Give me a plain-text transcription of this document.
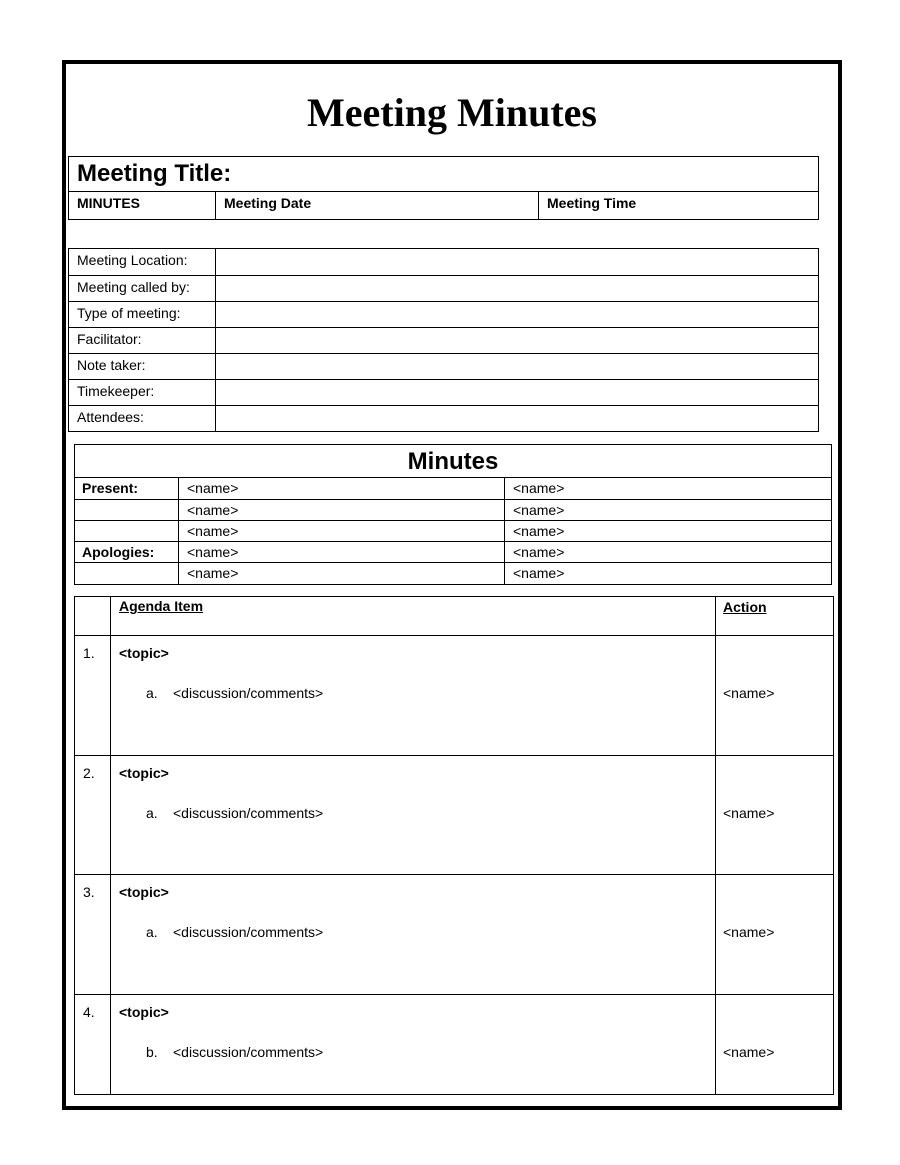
Meeting Minutes
Meeting Title:
MINUTES	Meeting Date	Meeting Time
Meeting Location:
Meeting called by:
Type of meeting:
Facilitator:
Note taker:
Timekeeper:
Attendees:
Minutes
Present:	<name>	<name>
<name>	<name>
<name>	<name>
Apologies: <name>	<name>
<name>	<name>
Agenda Item	Action
1. <topic>
a. <discussion/comments>	<name>
2. <topic>
a. <discussion/comments>	<name>
3. <topic>
a. <discussion/comments>	<name>
4. <topic>
b. <discussion/comments>	<name>
